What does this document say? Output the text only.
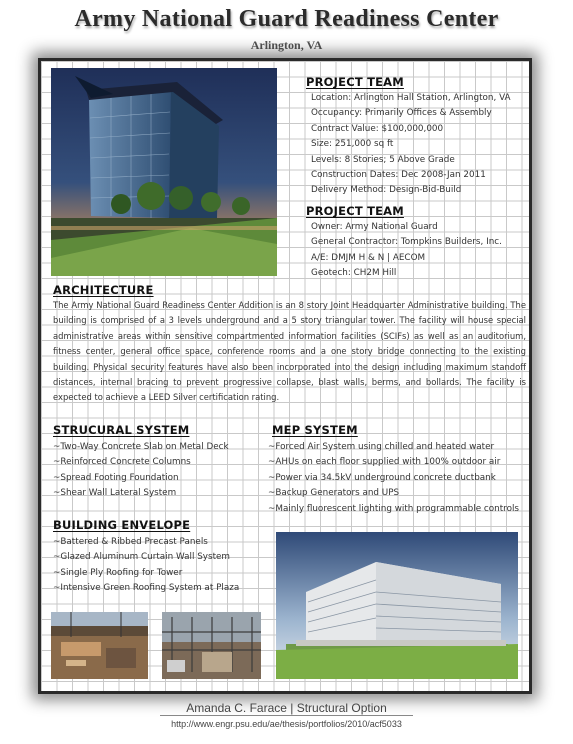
Army National Guard Readiness Center
Arlington, VA
PROJECT TEAM
Location: Arlington Hall Station, Arlington, VA
Occupancy: Primarily Offices & Assembly
Contract Value: $100,000,000
Size: 251,000 sq ft
Levels: 8 Stories; 5 Above Grade
Construction Dates: Dec 2008-Jan 2011
Delivery Method: Design-Bid-Build
PROJECT TEAM
Owner: Army National Guard
General Contractor: Tompkins Builders, Inc.
A/E: DMJM H & N | AECOM
Geotech: CH2M Hill
ARCHITECTURE
The Army National Guard Readiness Center Addition is an 8 story Joint Headquarter Administrative building. The building is comprised of a 3 levels underground and a 5 story triangular tower. The facility will house special administrative areas within sensitive compartmented information facilities (SCIFs) as well as an auditorium, fitness center, general office space, conference rooms and a one story bridge connecting to the existing building. Physical security features have also been incorporated into the design including maximum standoff distances, internal bracing to prevent progressive collapse, blast walls, berms, and bollards. The facility is expected to achieve a LEED Silver certification rating.
STRUCURAL SYSTEM
~Two-Way Concrete Slab on Metal Deck
~Reinforced Concrete Columns
~Spread Footing Foundation
~Shear Wall Lateral System
MEP SYSTEM
~Forced Air System using chilled and heated water
~AHUs on each floor supplied with 100% outdoor air
~Power via 34.5kV underground concrete ductbank
~Backup Generators and UPS
~Mainly fluorescent lighting with programmable controls
BUILDING ENVELOPE
~Battered & Ribbed Precast Panels
~Glazed Aluminum Curtain Wall System
~Single Ply Roofing for Tower
~Intensive Green Roofing System at Plaza
Amanda C. Farace | Structural Option
http://www.engr.psu.edu/ae/thesis/portfolios/2010/acf5033
